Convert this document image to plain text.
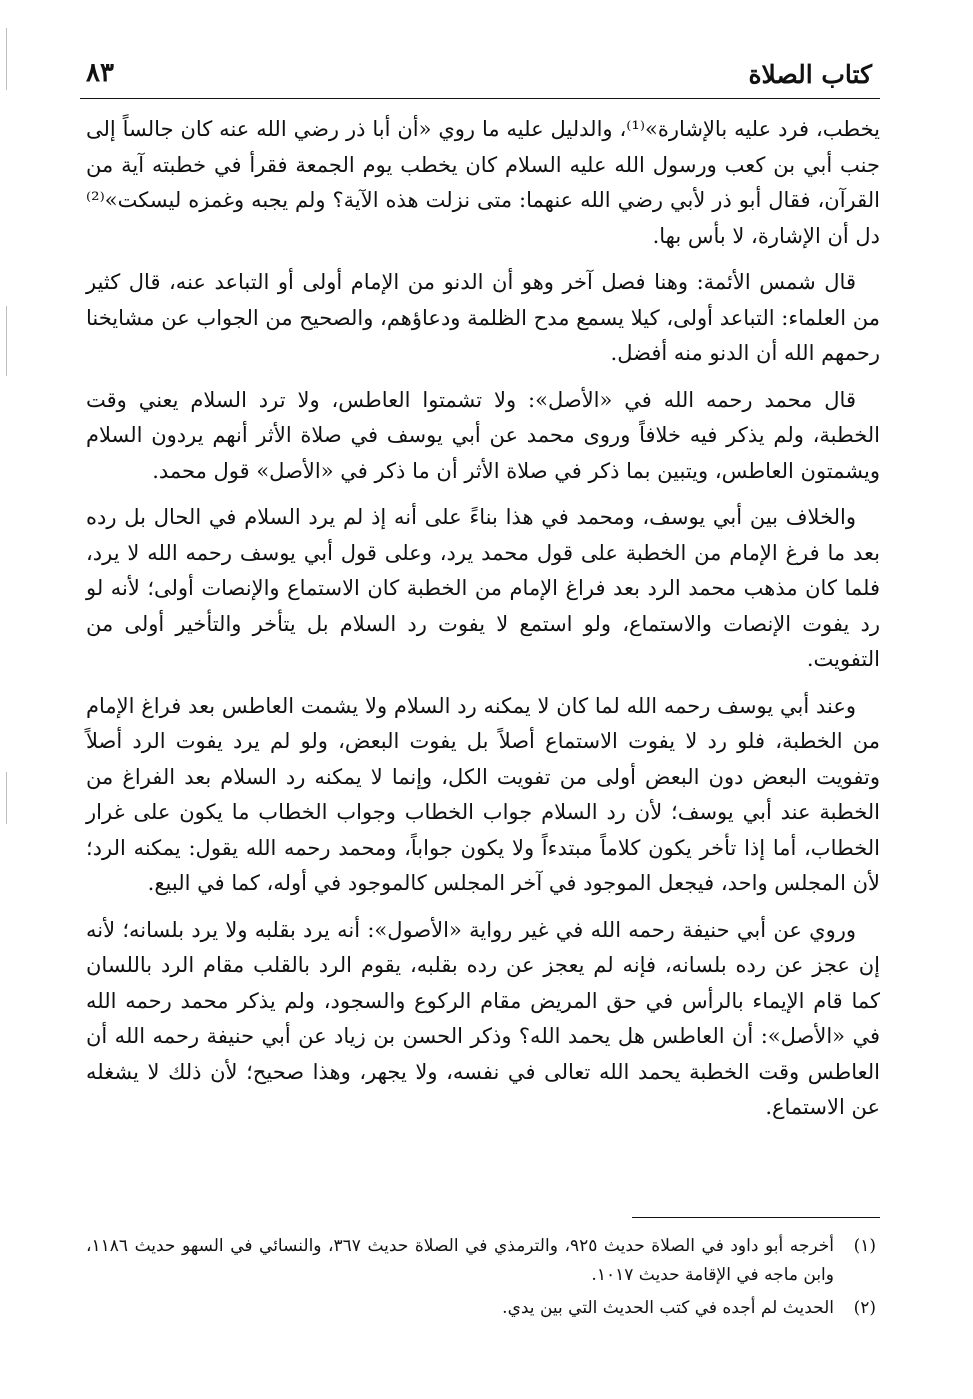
كتاب الصلاة
٨٣

يخطب، فرد عليه بالإشارة»⁽¹⁾، والدليل عليه ما روي «أن أبا ذر رضي الله عنه كان جالساً إلى جنب أبي بن كعب ورسول الله عليه السلام كان يخطب يوم الجمعة فقرأ في خطبته آية من القرآن، فقال أبو ذر لأبي رضي الله عنهما: متى نزلت هذه الآية؟ ولم يجبه وغمزه ليسكت»⁽²⁾ دل أن الإشارة، لا بأس بها.

قال شمس الأئمة: وهنا فصل آخر وهو أن الدنو من الإمام أولى أو التباعد عنه، قال كثير من العلماء: التباعد أولى، كيلا يسمع مدح الظلمة ودعاؤهم، والصحيح من الجواب عن مشايخنا رحمهم الله أن الدنو منه أفضل.

قال محمد رحمه الله في «الأصل»: ولا تشمتوا العاطس، ولا ترد السلام يعني وقت الخطبة، ولم يذكر فيه خلافاً وروى محمد عن أبي يوسف في صلاة الأثر أنهم يردون السلام ويشمتون العاطس، ويتبين بما ذكر في صلاة الأثر أن ما ذكر في «الأصل» قول محمد.

والخلاف بين أبي يوسف، ومحمد في هذا بناءً على أنه إذ لم يرد السلام في الحال بل رده بعد ما فرغ الإمام من الخطبة على قول محمد يرد، وعلى قول أبي يوسف رحمه الله لا يرد، فلما كان مذهب محمد الرد بعد فراغ الإمام من الخطبة كان الاستماع والإنصات أولى؛ لأنه لو رد يفوت الإنصات والاستماع، ولو استمع لا يفوت رد السلام بل يتأخر والتأخير أولى من التفويت.

وعند أبي يوسف رحمه الله لما كان لا يمكنه رد السلام ولا يشمت العاطس بعد فراغ الإمام من الخطبة، فلو رد لا يفوت الاستماع أصلاً بل يفوت البعض، ولو لم يرد يفوت الرد أصلاً وتفويت البعض دون البعض أولى من تفويت الكل، وإنما لا يمكنه رد السلام بعد الفراغ من الخطبة عند أبي يوسف؛ لأن رد السلام جواب الخطاب وجواب الخطاب ما يكون على غرار الخطاب، أما إذا تأخر يكون كلاماً مبتدءاً ولا يكون جواباً، ومحمد رحمه الله يقول: يمكنه الرد؛ لأن المجلس واحد، فيجعل الموجود في آخر المجلس كالموجود في أوله، كما في البيع.

وروي عن أبي حنيفة رحمه الله في غير رواية «الأصول»: أنه يرد بقلبه ولا يرد بلسانه؛ لأنه إن عجز عن رده بلسانه، فإنه لم يعجز عن رده بقلبه، يقوم الرد بالقلب مقام الرد باللسان كما قام الإيماء بالرأس في حق المريض مقام الركوع والسجود، ولم يذكر محمد رحمه الله في «الأصل»: أن العاطس هل يحمد الله؟ وذكر الحسن بن زياد عن أبي حنيفة رحمه الله أن العاطس وقت الخطبة يحمد الله تعالى في نفسه، ولا يجهر، وهذا صحيح؛ لأن ذلك لا يشغله عن الاستماع.

(١)
أخرجه أبو داود في الصلاة حديث ٩٢٥، والترمذي في الصلاة حديث ٣٦٧، والنسائي في السهو حديث ١١٨٦، وابن ماجه في الإقامة حديث ١٠١٧.
(٢)
الحديث لم أجده في كتب الحديث التي بين يدي.
